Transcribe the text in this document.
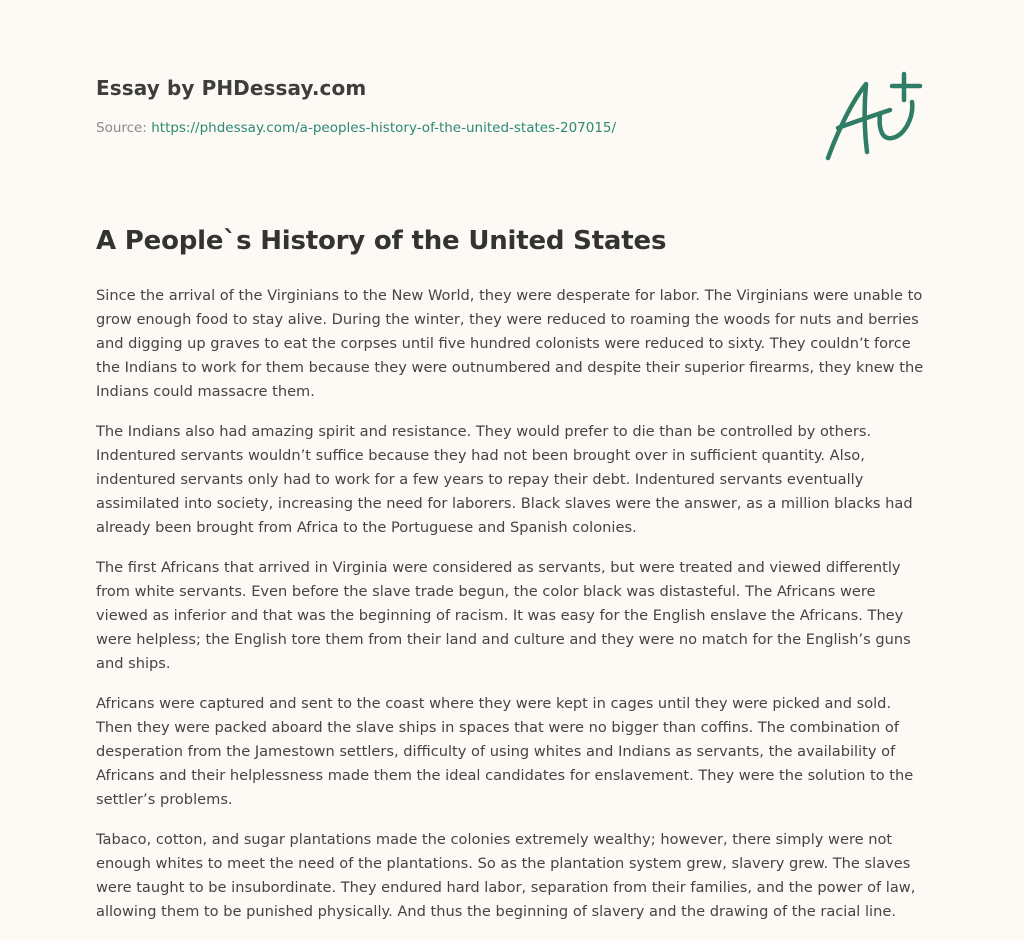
Essay by PHDessay.com
Source: https://phdessay.com/a-peoples-history-of-the-united-states-207015/
A People`s History of the United States

Since the arrival of the Virginians to the New World, they were desperate for labor. The Virginians were unable to grow enough food to stay alive. During the winter, they were reduced to roaming the woods for nuts and berries and digging up graves to eat the corpses until five hundred colonists were reduced to sixty. They couldn’t force the Indians to work for them because they were outnumbered and despite their superior firearms, they knew the Indians could massacre them.

The Indians also had amazing spirit and resistance. They would prefer to die than be controlled by others. Indentured servants wouldn’t suffice because they had not been brought over in sufficient quantity. Also, indentured servants only had to work for a few years to repay their debt. Indentured servants eventually assimilated into society, increasing the need for laborers. Black slaves were the answer, as a million blacks had already been brought from Africa to the Portuguese and Spanish colonies.

The first Africans that arrived in Virginia were considered as servants, but were treated and viewed differently from white servants. Even before the slave trade begun, the color black was distasteful. The Africans were viewed as inferior and that was the beginning of racism. It was easy for the English enslave the Africans. They were helpless; the English tore them from their land and culture and they were no match for the English’s guns and ships.

Africans were captured and sent to the coast where they were kept in cages until they were picked and sold. Then they were packed aboard the slave ships in spaces that were no bigger than coffins. The combination of desperation from the Jamestown settlers, difficulty of using whites and Indians as servants, the availability of Africans and their helplessness made them the ideal candidates for enslavement. They were the solution to the settler’s problems.

Tabaco, cotton, and sugar plantations made the colonies extremely wealthy; however, there simply were not enough whites to meet the need of the plantations. So as the plantation system grew, slavery grew. The slaves were taught to be insubordinate. They endured hard labor, separation from their families, and the power of law, allowing them to be punished physically. And thus the beginning of slavery and the drawing of the racial line.
